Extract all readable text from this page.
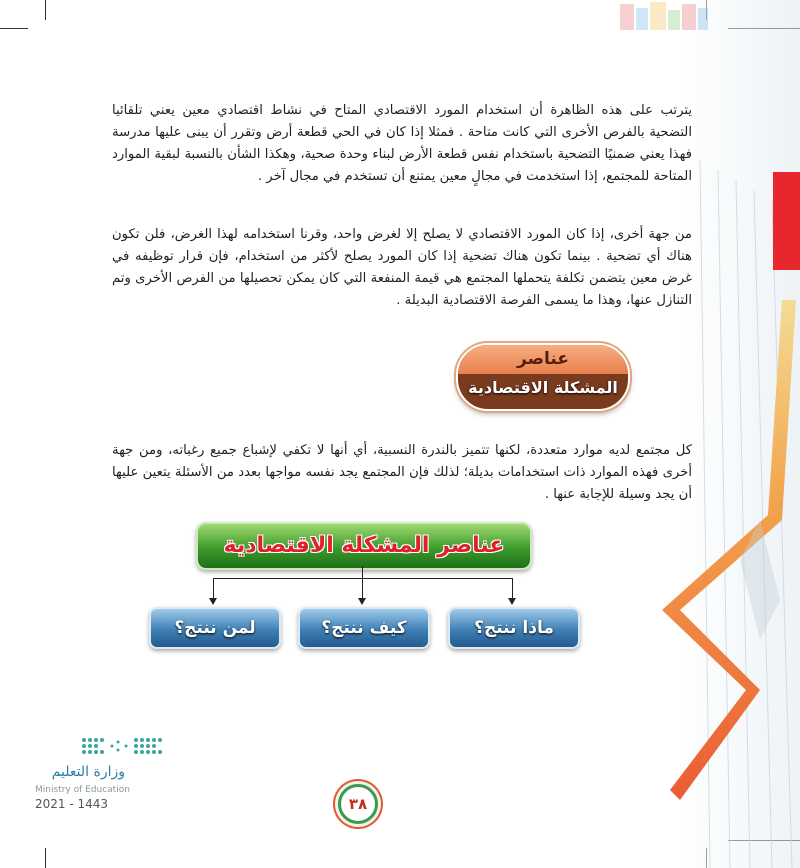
يترتب على هذه الظاهرة أن استخدام المورد الاقتصادي المتاح في نشاط اقتصادي معين يعني تلقائيا التضحية بالفرص الأخرى التي كانت متاحة . فمثلا إذا كان في الحي قطعة أرض وتقرر أن يبنى عليها مدرسة فهذا يعني ضمنيًا التضحية باستخدام نفس قطعة الأرض لبناء وحدة صحية، وهكذا الشأن بالنسبة لبقية الموارد المتاحة للمجتمع، إذا استخدمت في مجالٍ معين يمتنع أن تستخدم في مجال آخر .

من جهة أخرى، إذا كان المورد الاقتصادي لا يصلح إلا لغرض واحد، وقرنا استخدامه لهذا الغرض، فلن تكون هناك أي تضحية . بينما تكون هناك تضحية إذا كان المورد يصلح لأكثر من استخدام، فإن قرار توظيفه في غرض معين يتضمن تكلفة يتحملها المجتمع هي قيمة المنفعة التي كان يمكن تحصيلها من الفرص الأخرى وتم التنازل عنها، وهذا ما يسمى الفرصة الاقتصادية البديلة .

عناصر
المشكلة الاقتصادية

كل مجتمع لديه موارد متعددة، لكنها تتميز بالندرة النسبية، أي أنها لا تكفي لإشباع جميع رغباته، ومن جهة أخرى فهذه الموارد ذات استخدامات بديلة؛ لذلك فإن المجتمع يجد نفسه مواجها بعدد من الأسئلة يتعين عليها أن يجد وسيلة للإجابة عنها .

عناصر المشكلة الاقتصادية
ماذا ننتج؟
كيف ننتج؟
لمن ننتج؟
وزارة التعليم
Ministry of Education
2021 - 1443	٣٨
